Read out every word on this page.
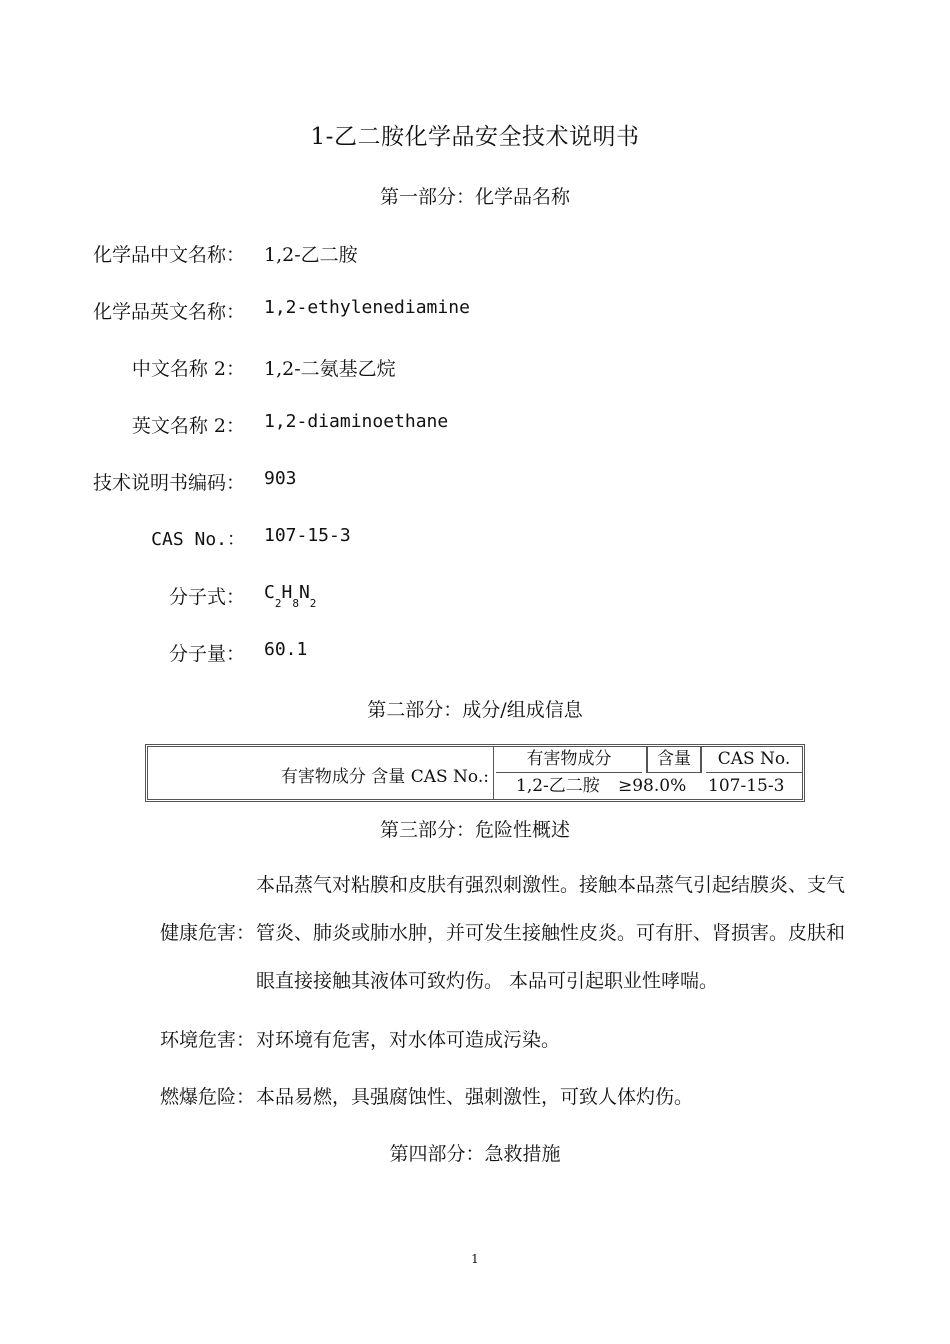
1-乙二胺化学品安全技术说明书
第一部分：化学品名称
化学品中文名称： 1,2-乙二胺
化学品英文名称： 1,2-ethylenediamine
中文名称 2： 1,2-二氨基乙烷
英文名称 2： 1,2-diaminoethane
技术说明书编码： 903
CAS No.： 107-15-3
分子式： $C_2H_8N_2$
分子量： 60.1
第二部分：成分/组成信息
有害物成分 含量 CAS No.:
有害物成分	含量	CAS No.
1,2-乙二胺 ≥98.0% 107-15-3
第三部分：危险性概述
本品蒸气对粘膜和皮肤有强烈刺激性。接触本品蒸气引起结膜炎、支气
健康危害： 管炎、肺炎或肺水肿，并可发生接触性皮炎。可有肝、肾损害。皮肤和
眼直接接触其液体可致灼伤。 本品可引起职业性哮喘。
环境危害： 对环境有危害，对水体可造成污染。
燃爆危险： 本品易燃，具强腐蚀性、强刺激性，可致人体灼伤。
第四部分：急救措施
1
